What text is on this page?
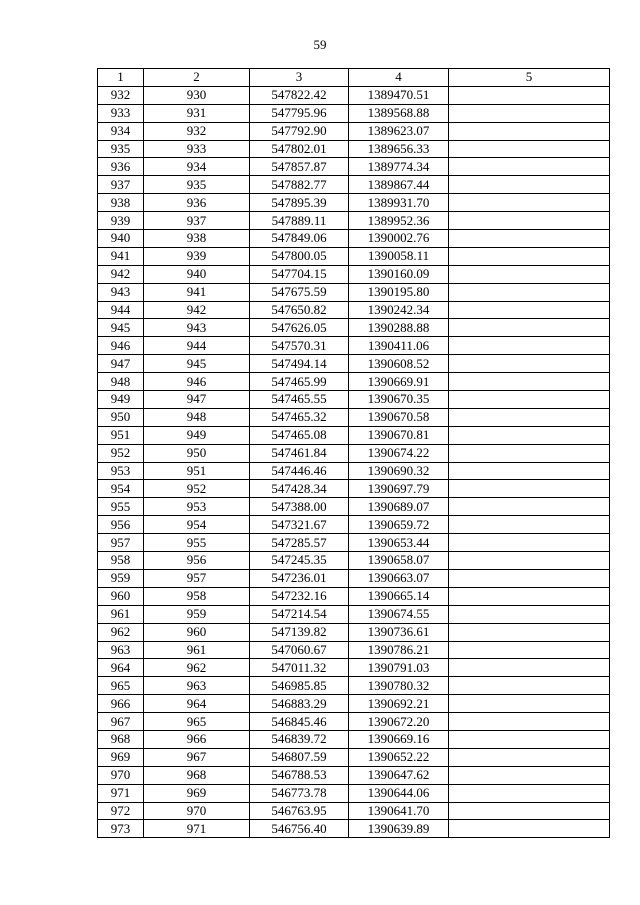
59
1	2	3	4	5
932	930	547822.42	1389470.51	
933	931	547795.96	1389568.88	
934	932	547792.90	1389623.07	
935	933	547802.01	1389656.33	
936	934	547857.87	1389774.34	
937	935	547882.77	1389867.44	
938	936	547895.39	1389931.70	
939	937	547889.11	1389952.36	
940	938	547849.06	1390002.76	
941	939	547800.05	1390058.11	
942	940	547704.15	1390160.09	
943	941	547675.59	1390195.80	
944	942	547650.82	1390242.34	
945	943	547626.05	1390288.88	
946	944	547570.31	1390411.06	
947	945	547494.14	1390608.52	
948	946	547465.99	1390669.91	
949	947	547465.55	1390670.35	
950	948	547465.32	1390670.58	
951	949	547465.08	1390670.81	
952	950	547461.84	1390674.22	
953	951	547446.46	1390690.32	
954	952	547428.34	1390697.79	
955	953	547388.00	1390689.07	
956	954	547321.67	1390659.72	
957	955	547285.57	1390653.44	
958	956	547245.35	1390658.07	
959	957	547236.01	1390663.07	
960	958	547232.16	1390665.14	
961	959	547214.54	1390674.55	
962	960	547139.82	1390736.61	
963	961	547060.67	1390786.21	
964	962	547011.32	1390791.03	
965	963	546985.85	1390780.32	
966	964	546883.29	1390692.21	
967	965	546845.46	1390672.20	
968	966	546839.72	1390669.16	
969	967	546807.59	1390652.22	
970	968	546788.53	1390647.62	
971	969	546773.78	1390644.06	
972	970	546763.95	1390641.70	
973	971	546756.40	1390639.89	
